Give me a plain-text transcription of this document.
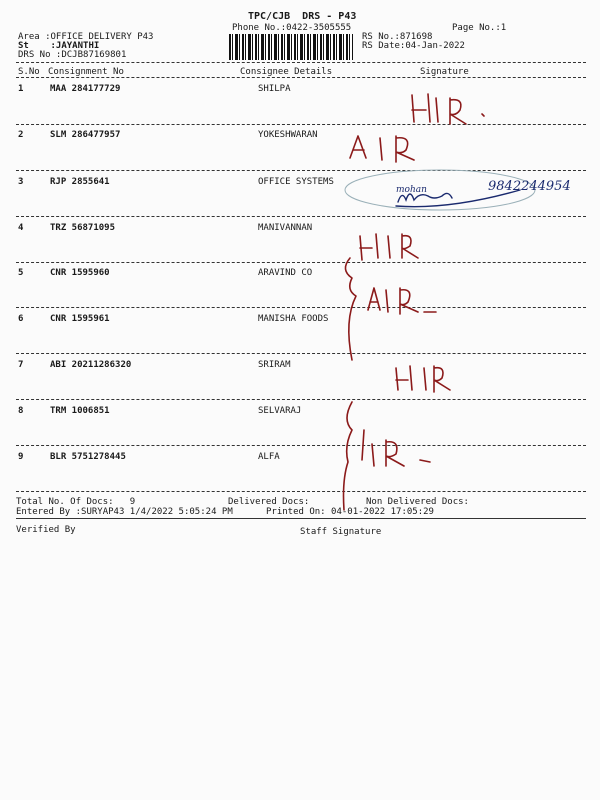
TPC/CJB  DRS - P43
Phone No.:0422-3505555	Page No.:1
Area :OFFICE DELIVERY P43
St    :JAYANTHI
DRS No :DCJB87169801
RS No.:871698
RS Date:04-Jan-2022
S.No Consignment No	Consignee Details	Signature
1	MAA 284177729	SHILPA
2	SLM 286477957	YOKESHWARAN
3	RJP 2855641	OFFICE SYSTEMS
4	TRZ 56871095	MANIVANNAN
5	CNR 1595960	ARAVIND CO
6	CNR 1595961	MANISHA FOODS
7	ABI 20211286320	SRIRAM
8	TRM 1006851	SELVARAJ
9	BLR 5751278445	ALFA
Total No. Of Docs:   9	Delivered Docs:	Non Delivered Docs:
Entered By :SURYAP43 1/4/2022 5:05:24 PM	Printed On: 04-01-2022 17:05:29
Verified By	Staff Signature
mohan	9842244954
